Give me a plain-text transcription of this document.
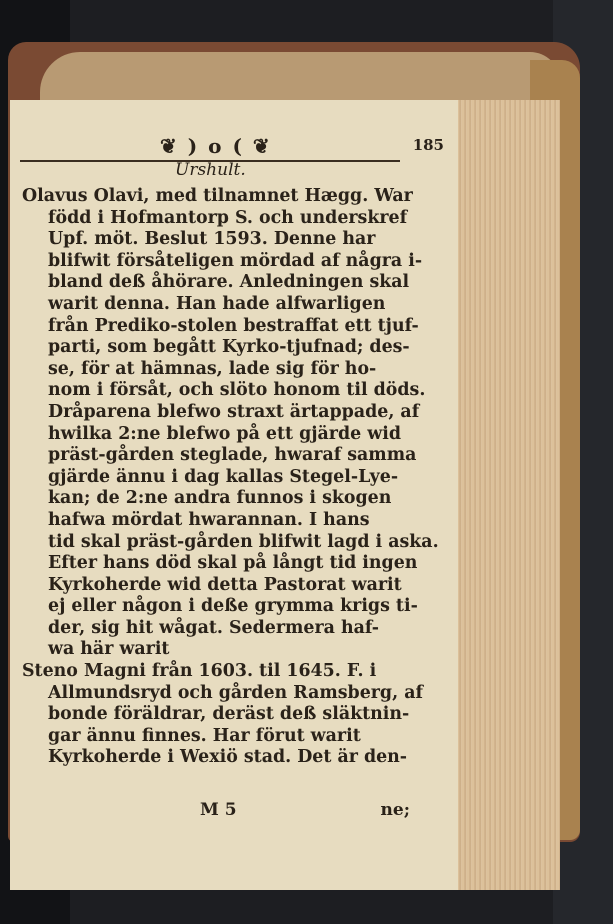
❦ ) o ( ❦	185
Urshult.
Olavus Olavi, med tilnamnet Hægg. War
född i Hofmantorp S. och underskref
Upf. möt. Beslut 1593. Denne har
blifwit försåteligen mördad af några i-
bland deß åhörare. Anledningen skal
warit denna. Han hade alfwarligen
från Prediko-stolen bestraffat ett tjuf-
parti, som begått Kyrko-tjufnad; des-
se, för at hämnas, lade sig för ho-
nom i försåt, och slöto honom til döds.
Dråparena blefwo straxt ärtappade, af
hwilka 2:ne blefwo på ett gjärde wid
präst-gården steglade, hwaraf samma
gjärde ännu i dag kallas Stegel-Lye-
kan; de 2:ne andra funnos i skogen
hafwa mördat hwarannan. I hans
tid skal präst-gården blifwit lagd i aska.
Efter hans död skal på långt tid ingen
Kyrkoherde wid detta Pastorat warit
ej eller någon i deße grymma krigs ti-
der, sig hit wågat. Sedermera haf-
wa här warit
Steno Magni från 1603. til 1645. F. i
Allmundsryd och gården Ramsberg, af
bonde föräldrar, deräst deß släktnin-
gar ännu finnes. Har förut warit
Kyrkoherde i Wexiö stad. Det är den-
M 5	ne;
